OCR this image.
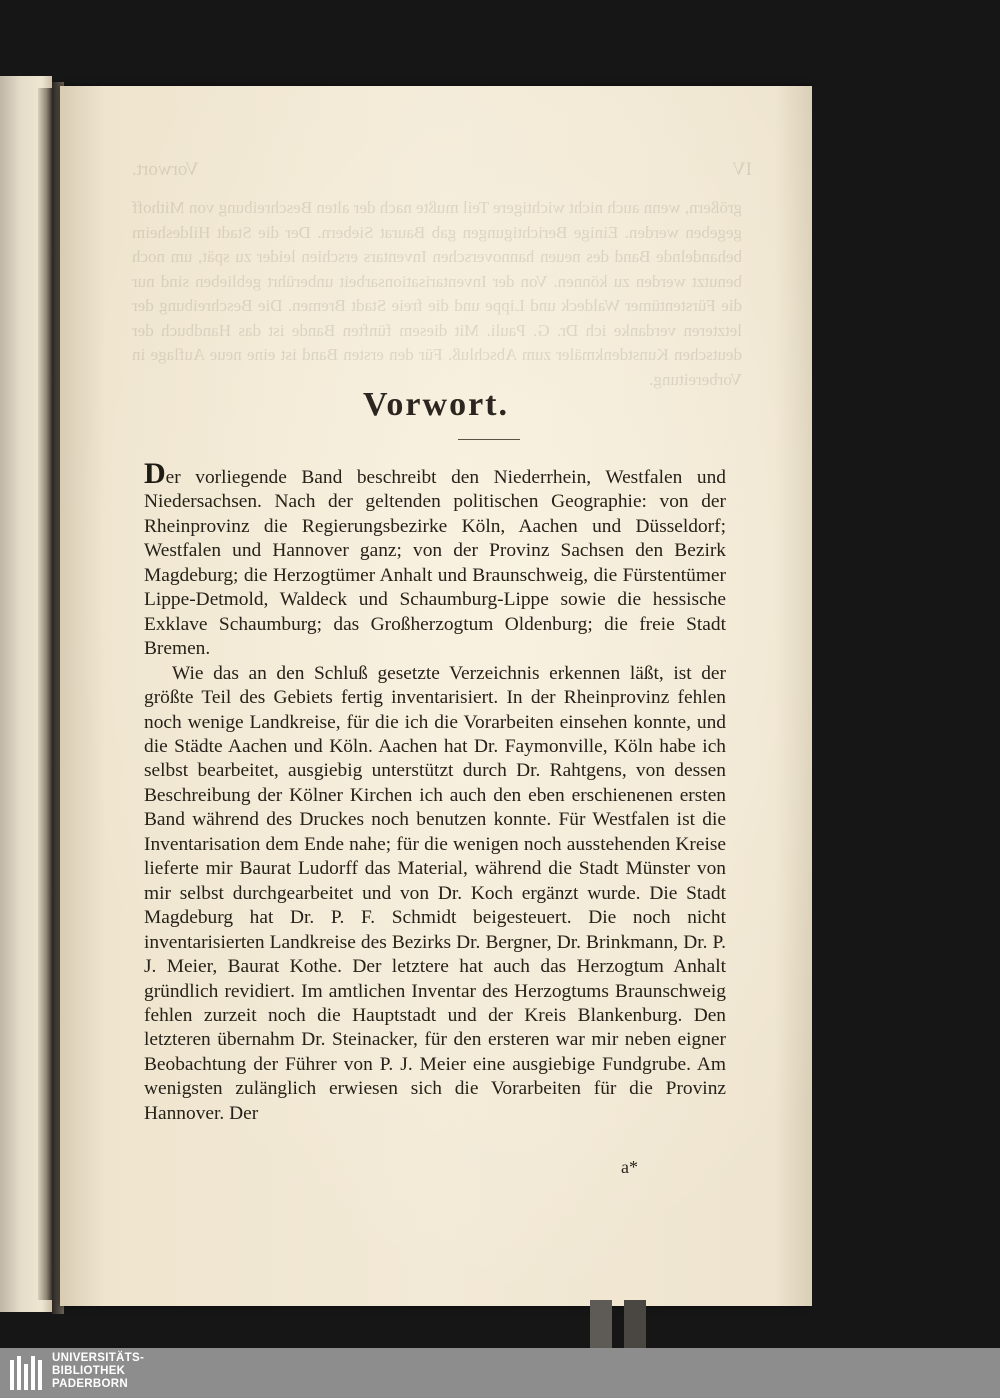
IV
Vorwort.
größern, wenn auch nicht wichtigere Teil mußte nach der alten Beschreibung von Mithoff gegeben werden. Einige Berichtigungen gab Baurat Siebern. Der die Stadt Hildesheim behandelnde Band des neuen hannoverschen Inventars erschien leider zu spät, um noch benutzt werden zu können. Von der Inventarisationsarbeit unberührt geblieben sind nur die Fürstentümer Waldeck und Lippe und die freie Stadt Bremen. Die Beschreibung der letzteren verdanke ich Dr. G. Pauli. Mit diesem fünften Bande ist das Handbuch der deutschen Kunstdenkmäler zum Abschluß. Für den ersten Band ist eine neue Auflage in Vorbereitung.
Vorwort.

Der vorliegende Band beschreibt den Niederrhein, Westfalen und Niedersachsen. Nach der geltenden politischen Geographie: von der Rheinprovinz die Regierungsbezirke Köln, Aachen und Düsseldorf; Westfalen und Hannover ganz; von der Provinz Sachsen den Bezirk Magdeburg; die Herzogtümer Anhalt und Braunschweig, die Fürstentümer Lippe-Detmold, Waldeck und Schaumburg-Lippe sowie die hessische Exklave Schaumburg; das Großherzogtum Oldenburg; die freie Stadt Bremen.

Wie das an den Schluß gesetzte Verzeichnis erkennen läßt, ist der größte Teil des Gebiets fertig inventarisiert. In der Rheinprovinz fehlen noch wenige Landkreise, für die ich die Vorarbeiten einsehen konnte, und die Städte Aachen und Köln. Aachen hat Dr. Faymonville, Köln habe ich selbst bearbeitet, ausgiebig unterstützt durch Dr. Rahtgens, von dessen Beschreibung der Kölner Kirchen ich auch den eben erschienenen ersten Band während des Druckes noch benutzen konnte. Für Westfalen ist die Inventarisation dem Ende nahe; für die wenigen noch ausstehenden Kreise lieferte mir Baurat Ludorff das Material, während die Stadt Münster von mir selbst durchgearbeitet und von Dr. Koch ergänzt wurde. Die Stadt Magdeburg hat Dr. P. F. Schmidt beigesteuert. Die noch nicht inventarisierten Landkreise des Bezirks Dr. Bergner, Dr. Brinkmann, Dr. P. J. Meier, Baurat Kothe. Der letztere hat auch das Herzogtum Anhalt gründlich revidiert. Im amtlichen Inventar des Herzogtums Braunschweig fehlen zurzeit noch die Hauptstadt und der Kreis Blankenburg. Den letzteren übernahm Dr. Steinacker, für den ersteren war mir neben eigner Beobachtung der Führer von P. J. Meier eine ausgiebige Fundgrube. Am wenigsten zulänglich erwiesen sich die Vorarbeiten für die Provinz Hannover. Der

a*
UNIVERSITÄTS-
BIBLIOTHEK
PADERBORN
